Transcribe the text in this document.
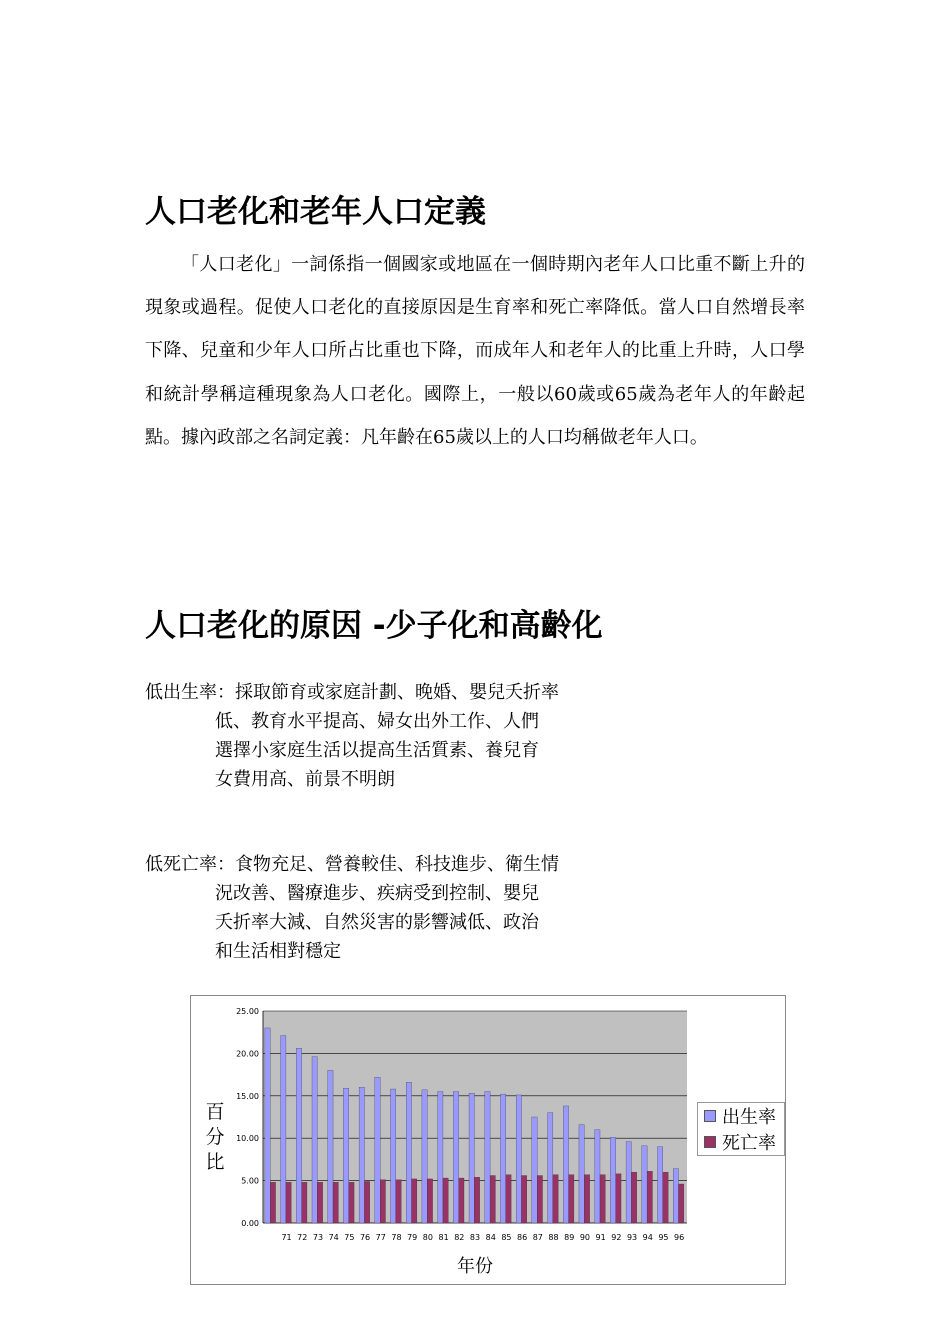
人口老化和老年人口定義

「人口老化」一詞係指一個國家或地區在一個時期內老年人口比重不斷上升的現象或過程。促使人口老化的直接原因是生育率和死亡率降低。當人口自然增長率下降、兒童和少年人口所占比重也下降，而成年人和老年人的比重上升時，人口學和統計學稱這種現象為人口老化。國際上，一般以60歲或65歲為老年人的年齡起點。據內政部之名詞定義：凡年齡在65歲以上的人口均稱做老年人口。

人口老化的原因 -少子化和高齡化
低出生率：採取節育或家庭計劃、晚婚、嬰兒夭折率
低、教育水平提高、婦女出外工作、人們
選擇小家庭生活以提高生活質素、養兒育
女費用高、前景不明朗
低死亡率：食物充足、營養較佳、科技進步、衛生情
況改善、醫療進步、疾病受到控制、嬰兒
夭折率大減、自然災害的影響減低、政治
和生活相對穩定
0.00
5.00
10.00
15.00
20.00
25.00
71 72 73 74 75 76 77 78 79 80 81 82 83 84 85 86 87 88 89 90 91 92 93 94 95 96
百
分
比
年份
出生率
死亡率
